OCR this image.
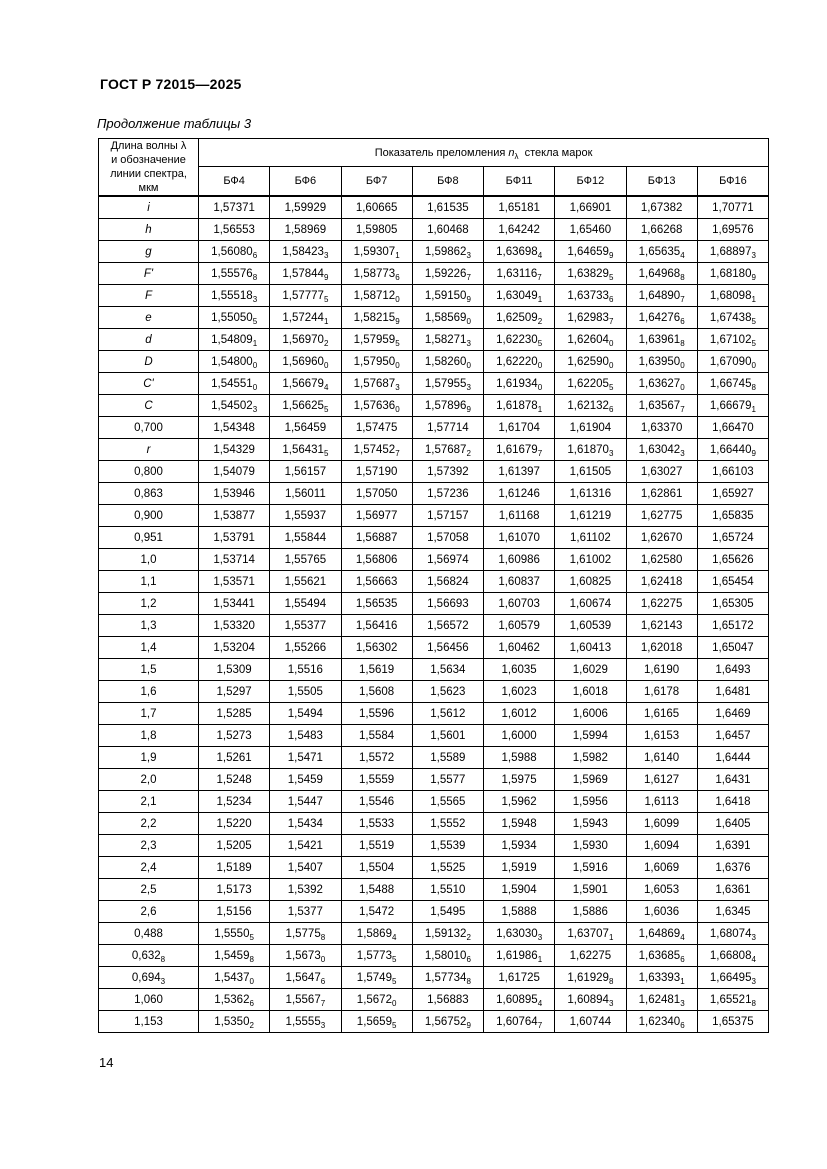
ГОСТ Р 72015—2025
Продолжение таблицы 3
Длина волны λ
и обозначение
линии спектра,
мкм	Показатель преломления $n_\lambda$  стекла марок							
	БФ4	БФ6	БФ7	БФ8	БФ11	БФ12	БФ13	БФ16
i	1,57371	1,59929	1,60665	1,61535	1,65181	1,66901	1,67382	1,70771
h	1,56553	1,58969	1,59805	1,60468	1,64242	1,65460	1,66268	1,69576
g	$1,56080_6$	$1,58423_3$	$1,59307_1$	$1,59862_3$	$1,63698_4$	$1,64659_9$	$1,65635_4$	$1,68897_3$
F'	$1,55576_8$	$1,57844_9$	$1,58773_6$	$1,59226_7$	$1,63116_7$	$1,63829_5$	$1,64968_8$	$1,68180_9$
F	$1,55518_3$	$1,57777_5$	$1,58712_0$	$1,59150_9$	$1,63049_1$	$1,63733_6$	$1,64890_7$	$1,68098_1$
e	$1,55050_5$	$1,57244_1$	$1,58215_9$	$1,58569_0$	$1,62509_2$	$1,62983_7$	$1,64276_6$	$1,67438_5$
d	$1,54809_1$	$1,56970_2$	$1,57959_5$	$1,58271_3$	$1,62230_5$	$1,62604_0$	$1,63961_8$	$1,67102_5$
D	$1,54800_0$	$1,56960_0$	$1,57950_0$	$1,58260_0$	$1,62220_0$	$1,62590_0$	$1,63950_0$	$1,67090_0$
C'	$1,54551_0$	$1,56679_4$	$1,57687_3$	$1,57955_3$	$1,61934_0$	$1,62205_5$	$1,63627_0$	$1,66745_8$
C	$1,54502_3$	$1,56625_5$	$1,57636_0$	$1,57896_9$	$1,61878_1$	$1,62132_6$	$1,63567_7$	$1,66679_1$
0,700	1,54348	1,56459	1,57475	1,57714	1,61704	1,61904	1,63370	1,66470
r	1,54329	$1,56431_5$	$1,57452_7$	$1,57687_2$	$1,61679_7$	$1,61870_3$	$1,63042_3$	$1,66440_9$
0,800	1,54079	1,56157	1,57190	1,57392	1,61397	1,61505	1,63027	1,66103
0,863	1,53946	1,56011	1,57050	1,57236	1,61246	1,61316	1,62861	1,65927
0,900	1,53877	1,55937	1,56977	1,57157	1,61168	1,61219	1,62775	1,65835
0,951	1,53791	1,55844	1,56887	1,57058	1,61070	1,61102	1,62670	1,65724
1,0	1,53714	1,55765	1,56806	1,56974	1,60986	1,61002	1,62580	1,65626
1,1	1,53571	1,55621	1,56663	1,56824	1,60837	1,60825	1,62418	1,65454
1,2	1,53441	1,55494	1,56535	1,56693	1,60703	1,60674	1,62275	1,65305
1,3	1,53320	1,55377	1,56416	1,56572	1,60579	1,60539	1,62143	1,65172
1,4	1,53204	1,55266	1,56302	1,56456	1,60462	1,60413	1,62018	1,65047
1,5	1,5309	1,5516	1,5619	1,5634	1,6035	1,6029	1,6190	1,6493
1,6	1,5297	1,5505	1,5608	1,5623	1,6023	1,6018	1,6178	1,6481
1,7	1,5285	1,5494	1,5596	1,5612	1,6012	1,6006	1,6165	1,6469
1,8	1,5273	1,5483	1,5584	1,5601	1,6000	1,5994	1,6153	1,6457
1,9	1,5261	1,5471	1,5572	1,5589	1,5988	1,5982	1,6140	1,6444
2,0	1,5248	1,5459	1,5559	1,5577	1,5975	1,5969	1,6127	1,6431
2,1	1,5234	1,5447	1,5546	1,5565	1,5962	1,5956	1,6113	1,6418
2,2	1,5220	1,5434	1,5533	1,5552	1,5948	1,5943	1,6099	1,6405
2,3	1,5205	1,5421	1,5519	1,5539	1,5934	1,5930	1,6094	1,6391
2,4	1,5189	1,5407	1,5504	1,5525	1,5919	1,5916	1,6069	1,6376
2,5	1,5173	1,5392	1,5488	1,5510	1,5904	1,5901	1,6053	1,6361
2,6	1,5156	1,5377	1,5472	1,5495	1,5888	1,5886	1,6036	1,6345
0,488	$1,5550_5$	$1,5775_8$	$1,5869_4$	$1,59132_2$	$1,63030_3$	$1,63707_1$	$1,64869_4$	$1,68074_3$
$0,632_8$	$1,5459_8$	$1,5673_0$	$1,5773_5$	$1,58010_6$	$1,61986_1$	1,62275	$1,63685_6$	$1,66808_4$
$0,694_3$	$1,5437_0$	$1,5647_6$	$1,5749_5$	$1,57734_8$	1,61725	$1,61929_8$	$1,63393_1$	$1,66495_3$
1,060	$1,5362_6$	$1,5567_7$	$1,5672_0$	1,56883	$1,60895_4$	$1,60894_3$	$1,62481_3$	$1,65521_8$
1,153	$1,5350_2$	$1,5555_3$	$1,5659_5$	$1,56752_9$	$1,60764_7$	1,60744	$1,62340_6$	1,65375
14
